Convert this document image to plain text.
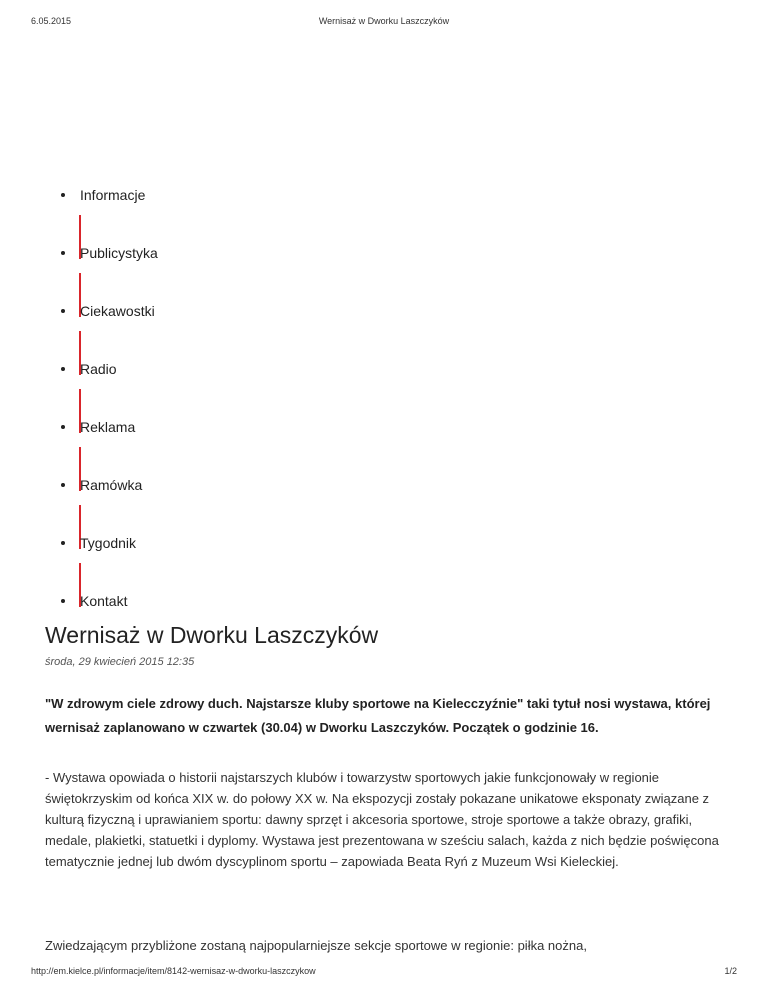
6.05.2015	Wernisaż w Dworku Laszczyków
Informacje
Publicystyka
Ciekawostki
Radio
Reklama
Ramówka
Tygodnik
Kontakt
Wernisaż w Dworku Laszczyków
środa, 29 kwiecień 2015 12:35

"W zdrowym ciele zdrowy duch. Najstarsze kluby sportowe na Kielecczyźnie" taki tytuł nosi wystawa, której wernisaż zaplanowano w czwartek (30.04) w Dworku Laszczyków. Początek o godzinie 16.

- Wystawa opowiada o historii najstarszych klubów i towarzystw sportowych jakie funkcjonowały w regionie świętokrzyskim od końca XIX w. do połowy XX w. Na ekspozycji zostały pokazane unikatowe eksponaty związane z kulturą fizyczną i uprawianiem sportu: dawny sprzęt i akcesoria sportowe, stroje sportowe a także obrazy, grafiki, medale, plakietki, statuetki i dyplomy. Wystawa jest prezentowana w sześciu salach, każda z nich będzie poświęcona tematycznie jednej lub dwóm dyscyplinom sportu – zapowiada Beata Ryń z Muzeum Wsi Kieleckiej.

Zwiedzającym przybliżone zostaną najpopularniejsze sekcje sportowe w regionie: piłka nożna,

http://em.kielce.pl/informacje/item/8142-wernisaz-w-dworku-laszczykow	1/2
